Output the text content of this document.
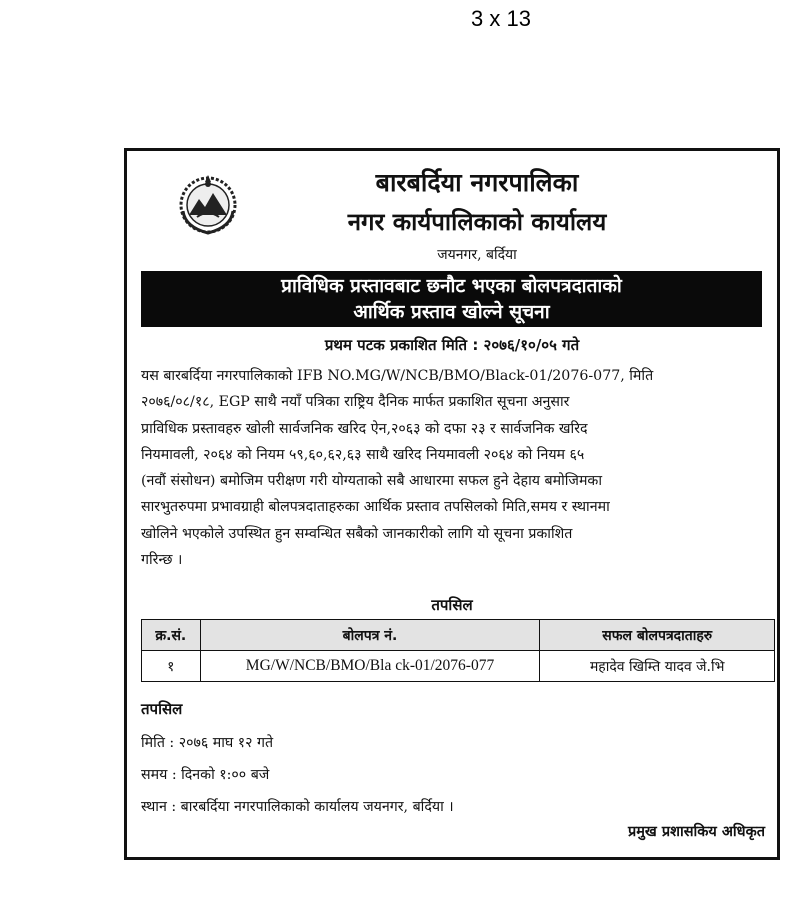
3 x 13
बारबर्दिया नगरपालिका
नगर कार्यपालिकाको कार्यालय
जयनगर, बर्दिया
प्राविधिक प्रस्तावबाट छनौट भएका बोलपत्रदाताको
आर्थिक प्रस्ताव खोल्ने सूचना
प्रथम पटक प्रकाशित मिति : २०७६/१०/०५ गते
यस बारबर्दिया नगरपालिकाको IFB NO.MG/W/NCB/BMO/Black-01/2076-077, मिति
२०७६/०८/१८, EGP साथै नयाँ पत्रिका राष्ट्रिय दैनिक मार्फत प्रकाशित सूचना अनुसार
प्राविधिक प्रस्तावहरु खोली सार्वजनिक खरिद ऐन,२०६३ को दफा २३ र सार्वजनिक खरिद
नियमावली, २०६४ को नियम ५९,६०,६२,६३ साथै खरिद नियमावली २०६४ को नियम ६५
(नवौं संसोधन) बमोजिम परीक्षण गरी योग्यताको सबै आधारमा सफल हुने देहाय बमोजिमका
सारभुतरुपमा प्रभावग्राही बोलपत्रदाताहरुका आर्थिक प्रस्ताव तपसिलको मिति,समय र स्थानमा
खोलिने भएकोले उपस्थित हुन सम्वन्धित सबैको जानकारीको लागि यो सूचना प्रकाशित
गरिन्छ ।
तपसिल
क्र.सं.	बोलपत्र नं.	सफल बोलपत्रदाताहरु
१	MG/W/NCB/BMO/Bla ck-01/2076-077	महादेव खिम्ति यादव जे.भि
तपसिल
मिति : २०७६ माघ १२ गते
समय : दिनको १:०० बजे
स्थान : बारबर्दिया नगरपालिकाको कार्यालय जयनगर, बर्दिया ।
प्रमुख प्रशासकिय अधिकृत
